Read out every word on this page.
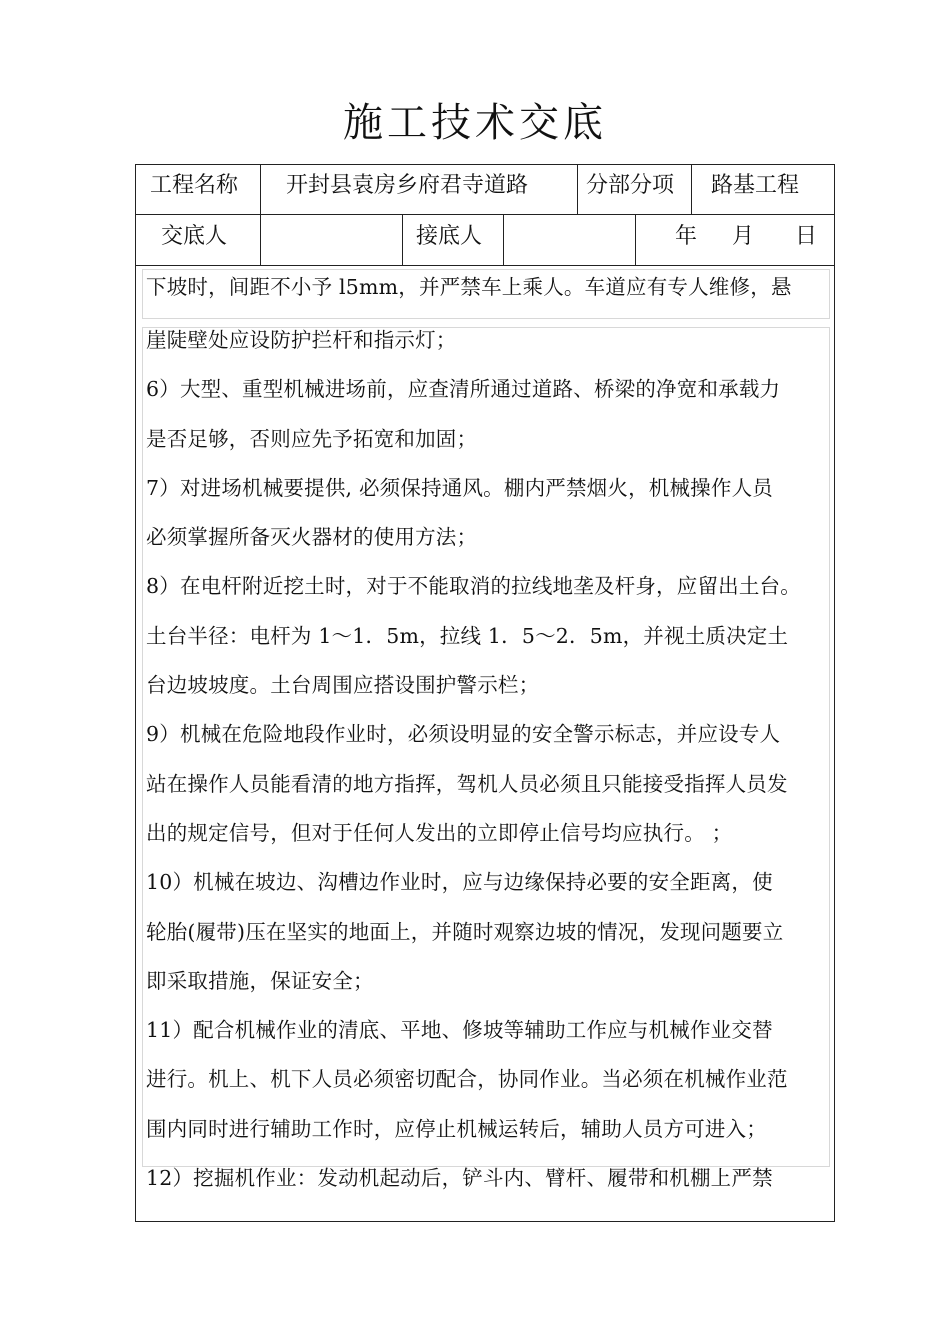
施工技术交底
工程名称 开封县袁房乡府君寺道路	分部分项 路基工程
交底人	接底人	年 月 日
下坡时，间距不小予 l5mm，并严禁车上乘人。车道应有专人维修，悬
崖陡壁处应设防护拦杆和指示灯；
6）大型、重型机械进场前，应查清所通过道路、桥梁的净宽和承载力
是否足够，否则应先予拓宽和加固；
7）对进场机械要提供, 必须保持通风。棚内严禁烟火，机械操作人员
必须掌握所备灭火器材的使用方法；
8）在电杆附近挖土时，对于不能取消的拉线地垄及杆身，应留出土台。
土台半径：电杆为 1～1．5m，拉线 1．5～2．5m，并视土质决定土
台边坡坡度。土台周围应搭设围护警示栏；
9）机械在危险地段作业时，必须设明显的安全警示标志，并应设专人
站在操作人员能看清的地方指挥，驾机人员必须且只能接受指挥人员发
出的规定信号，但对于任何人发出的立即停止信号均应执行。 ；
10）机械在坡边、沟槽边作业时，应与边缘保持必要的安全距离，使
轮胎(履带)压在坚实的地面上，并随时观察边坡的情况，发现问题要立
即采取措施，保证安全；
11）配合机械作业的清底、平地、修坡等辅助工作应与机械作业交替
进行。机上、机下人员必须密切配合，协同作业。当必须在机械作业范
围内同时进行辅助工作时，应停止机械运转后，辅助人员方可进入；
12）挖掘机作业：发动机起动后，铲斗内、臂杆、履带和机棚上严禁
